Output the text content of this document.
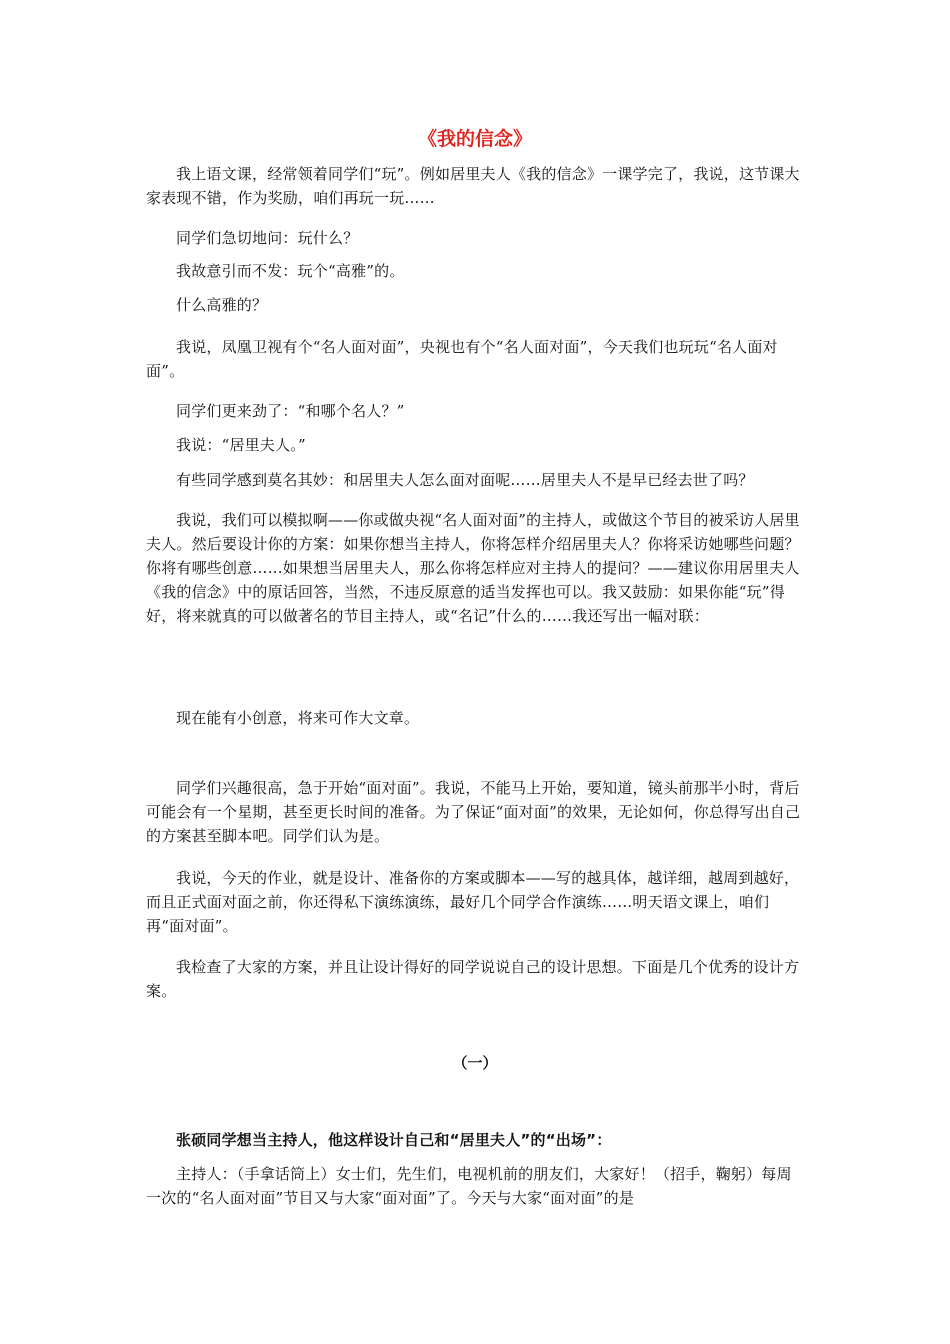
《我的信念》
我上语文课，经常领着同学们“玩”。例如居里夫人《我的信念》一课学完了，我说，这节课大家表现不错，作为奖励，咱们再玩一玩……
同学们急切地问：玩什么？
我故意引而不发：玩个“高雅”的。
什么高雅的？
我说，凤凰卫视有个“名人面对面”，央视也有个“名人面对面”，今天我们也玩玩“名人面对面”。
同学们更来劲了：“和哪个名人？”
我说：“居里夫人。”
有些同学感到莫名其妙：和居里夫人怎么面对面呢……居里夫人不是早已经去世了吗？
我说，我们可以模拟啊——你或做央视“名人面对面”的主持人，或做这个节目的被采访人居里夫人。然后要设计你的方案：如果你想当主持人，你将怎样介绍居里夫人？你将采访她哪些问题？你将有哪些创意……如果想当居里夫人，那么你将怎样应对主持人的提问？——建议你用居里夫人《我的信念》中的原话回答，当然，不违反原意的适当发挥也可以。我又鼓励：如果你能“玩”得好，将来就真的可以做著名的节目主持人，或“名记”什么的……我还写出一幅对联：
现在能有小创意，将来可作大文章。
同学们兴趣很高，急于开始“面对面”。我说，不能马上开始，要知道，镜头前那半小时，背后可能会有一个星期，甚至更长时间的准备。为了保证“面对面”的效果，无论如何，你总得写出自己的方案甚至脚本吧。同学们认为是。
我说，今天的作业，就是设计、准备你的方案或脚本——写的越具体，越详细，越周到越好，而且正式面对面之前，你还得私下演练演练，最好几个同学合作演练……明天语文课上，咱们再“面对面”。
我检查了大家的方案，并且让设计得好的同学说说自己的设计思想。下面是几个优秀的设计方案。
（一）
张硕同学想当主持人，他这样设计自己和“居里夫人”的“出场”：
主持人：（手拿话筒上）女士们，先生们，电视机前的朋友们，大家好！（招手，鞠躬）每周一次的“名人面对面”节目又与大家“面对面”了。今天与大家“面对面”的是
